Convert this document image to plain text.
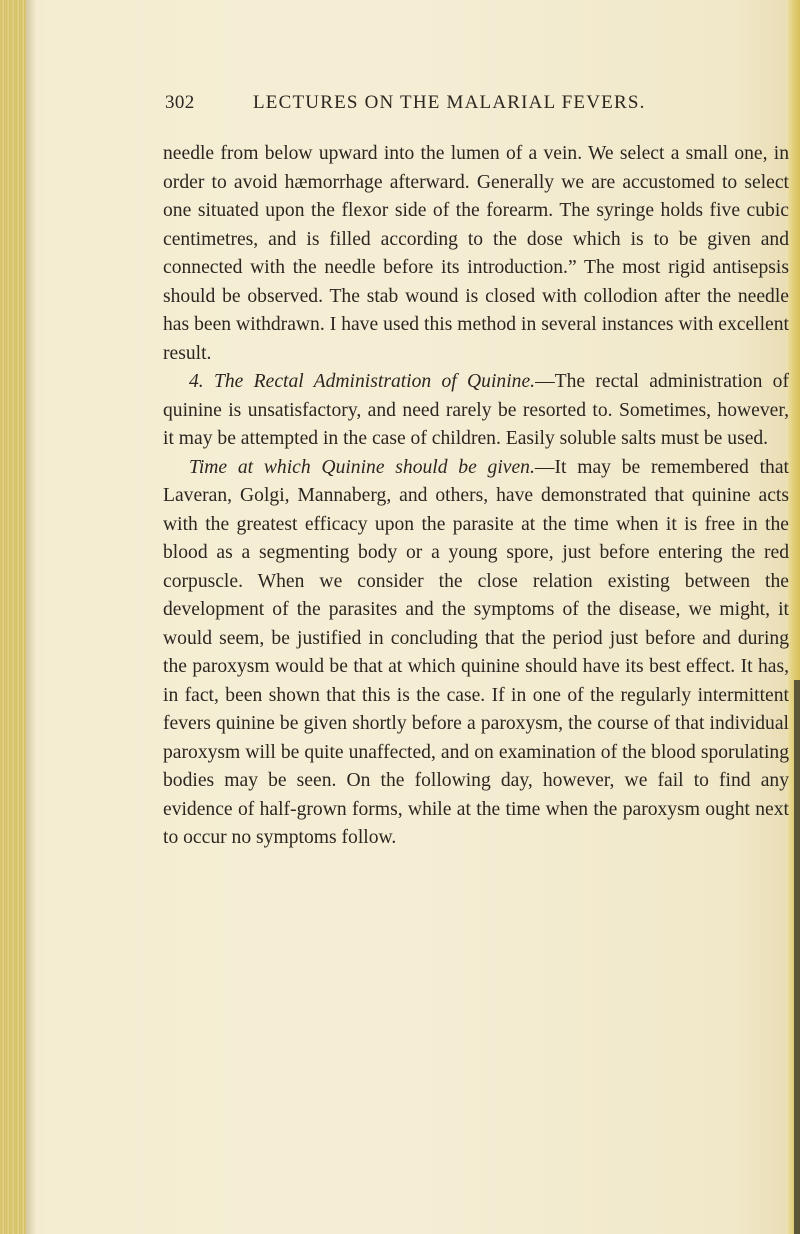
302	LECTURES ON THE MALARIAL FEVERS.

needle from below upward into the lumen of a vein. We select a small one, in order to avoid hæmorrhage afterward. Generally we are accustomed to select one situated upon the flexor side of the forearm. The syringe holds five cubic centimetres, and is filled according to the dose which is to be given and connected with the needle before its introduction.” The most rigid antisepsis should be observed. The stab wound is closed with collodion after the needle has been withdrawn. I have used this method in several instances with excellent result.

4. The Rectal Administration of Quinine.—The rectal administration of quinine is unsatisfactory, and need rarely be resorted to. Sometimes, however, it may be attempted in the case of children. Easily soluble salts must be used.

Time at which Quinine should be given.—It may be remembered that Laveran, Golgi, Mannaberg, and others, have demonstrated that quinine acts with the greatest efficacy upon the parasite at the time when it is free in the blood as a segmenting body or a young spore, just before entering the red corpuscle. When we consider the close relation existing between the development of the parasites and the symptoms of the disease, we might, it would seem, be justified in concluding that the period just before and during the paroxysm would be that at which quinine should have its best effect. It has, in fact, been shown that this is the case. If in one of the regularly intermittent fevers quinine be given shortly before a paroxysm, the course of that individual paroxysm will be quite unaffected, and on examination of the blood sporulating bodies may be seen. On the following day, however, we fail to find any evidence of half-grown forms, while at the time when the paroxysm ought next to occur no symptoms follow.
